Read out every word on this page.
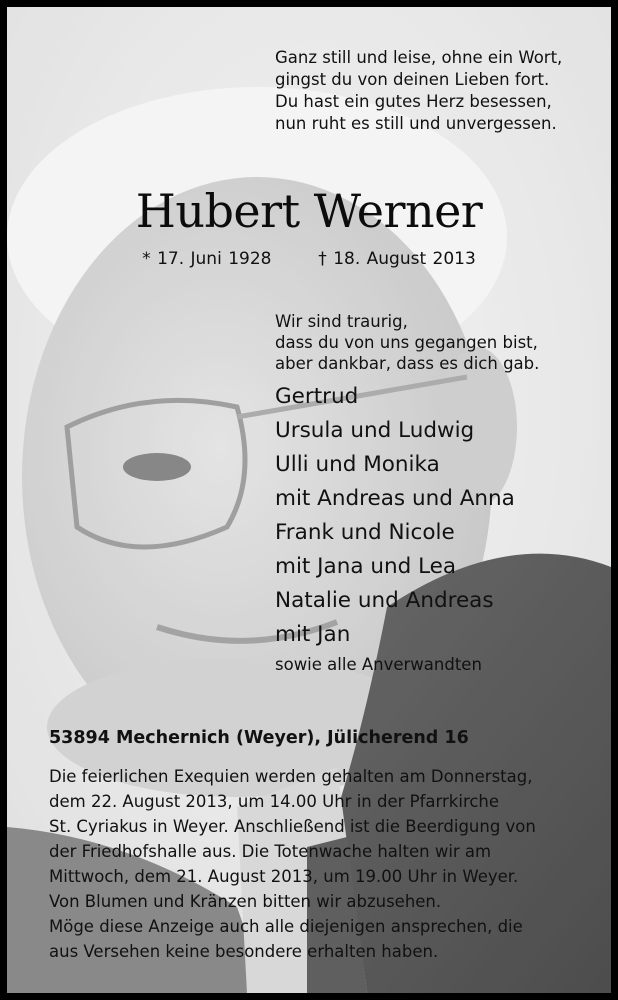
Ganz still und leise, ohne ein Wort,
gingst du von deinen Lieben fort.
Du hast ein gutes Herz besessen,
nun ruht es still und unvergessen.
Hubert Werner
* 17. Juni 1928	† 18. August 2013
Wir sind traurig,
dass du von uns gegangen bist,
aber dankbar, dass es dich gab.
Gertrud
Ursula und Ludwig
Ulli und Monika
mit Andreas und Anna
Frank und Nicole
mit Jana und Lea
Natalie und Andreas
mit Jan
sowie alle Anverwandten
53894 Mechernich (Weyer), Jülicherend 16
Die feierlichen Exequien werden gehalten am Donnerstag,
dem 22. August 2013, um 14.00 Uhr in der Pfarrkirche
St. Cyriakus in Weyer. Anschließend ist die Beerdigung von
der Friedhofshalle aus. Die Totenwache halten wir am
Mittwoch, dem 21. August 2013, um 19.00 Uhr in Weyer.
Von Blumen und Kränzen bitten wir abzusehen.
Möge diese Anzeige auch alle diejenigen ansprechen, die
aus Versehen keine besondere erhalten haben.
